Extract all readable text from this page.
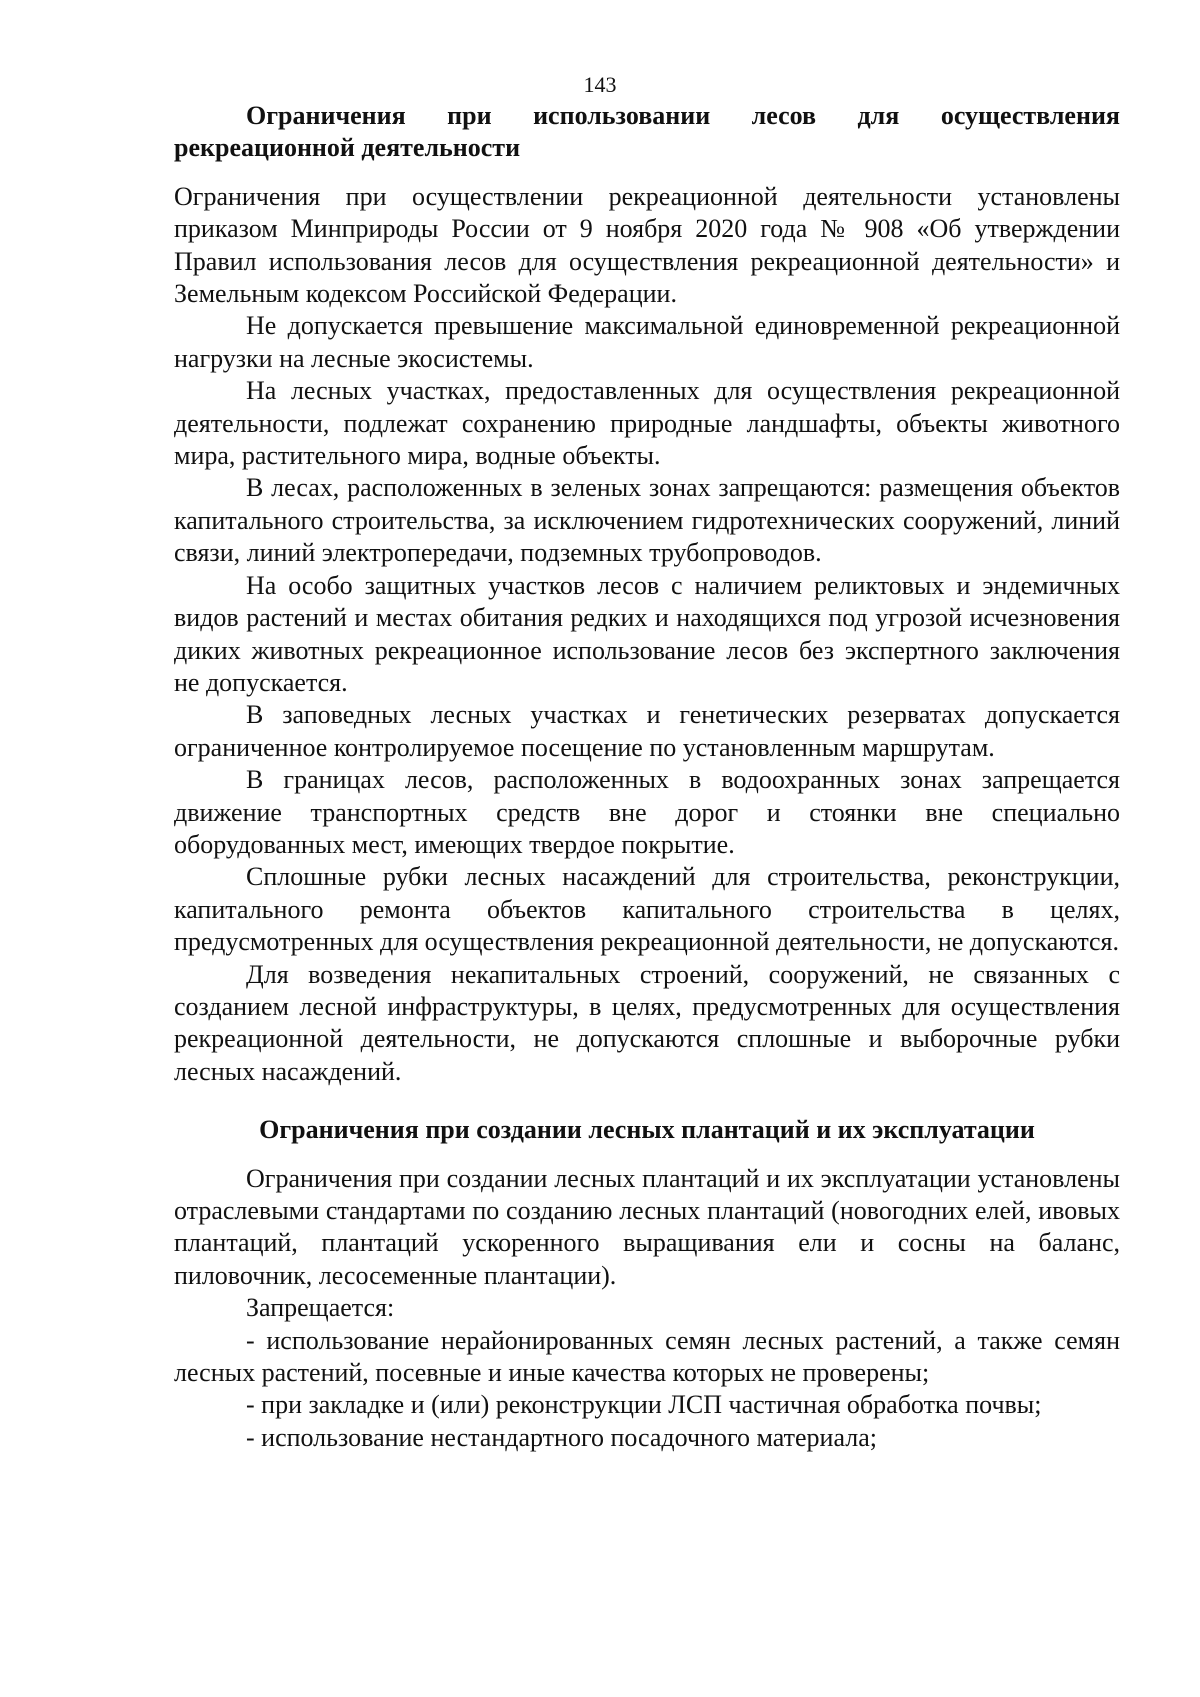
143
Ограничения при использовании лесов для осуществления рекреационной деятельности

Ограничения при осуществлении рекреационной деятельности установлены приказом Минприроды России от 9 ноября 2020 года № 908 «Об утверждении Правил использования лесов для осуществления рекреационной деятельности» и Земельным кодексом Российской Федерации.

Не допускается превышение максимальной единовременной рекреационной нагрузки на лесные экосистемы.

На лесных участках, предоставленных для осуществления рекреационной деятельности, подлежат сохранению природные ландшафты, объекты животного мира, растительного мира, водные объекты.

В лесах, расположенных в зеленых зонах запрещаются: размещения объектов капитального строительства, за исключением гидротехнических сооружений, линий связи, линий электропередачи, подземных трубопроводов.

На особо защитных участков лесов с наличием реликтовых и эндемичных видов растений и местах обитания редких и находящихся под угрозой исчезновения диких животных рекреационное использование лесов без экспертного заключения не допускается.

В заповедных лесных участках и генетических резерватах допускается ограниченное контролируемое посещение по установленным маршрутам.

В границах лесов, расположенных в водоохранных зонах запрещается движение транспортных средств вне дорог и стоянки вне специально оборудованных мест, имеющих твердое покрытие.

Сплошные рубки лесных насаждений для строительства, реконструкции, капитального ремонта объектов капитального строительства в целях, предусмотренных для осуществления рекреационной деятельности, не допускаются.

Для возведения некапитальных строений, сооружений, не связанных с созданием лесной инфраструктуры, в целях, предусмотренных для осуществления рекреационной деятельности, не допускаются сплошные и выборочные рубки лесных насаждений.

Ограничения при создании лесных плантаций и их эксплуатации

Ограничения при создании лесных плантаций и их эксплуатации установлены отраслевыми стандартами по созданию лесных плантаций (новогодних елей, ивовых плантаций, плантаций ускоренного выращивания ели и сосны на баланс, пиловочник, лесосеменные плантации).

Запрещается:

- использование нерайонированных семян лесных растений, а также семян лесных растений, посевные и иные качества которых не проверены;

- при закладке и (или) реконструкции ЛСП частичная обработка почвы;

- использование нестандартного посадочного материала;
